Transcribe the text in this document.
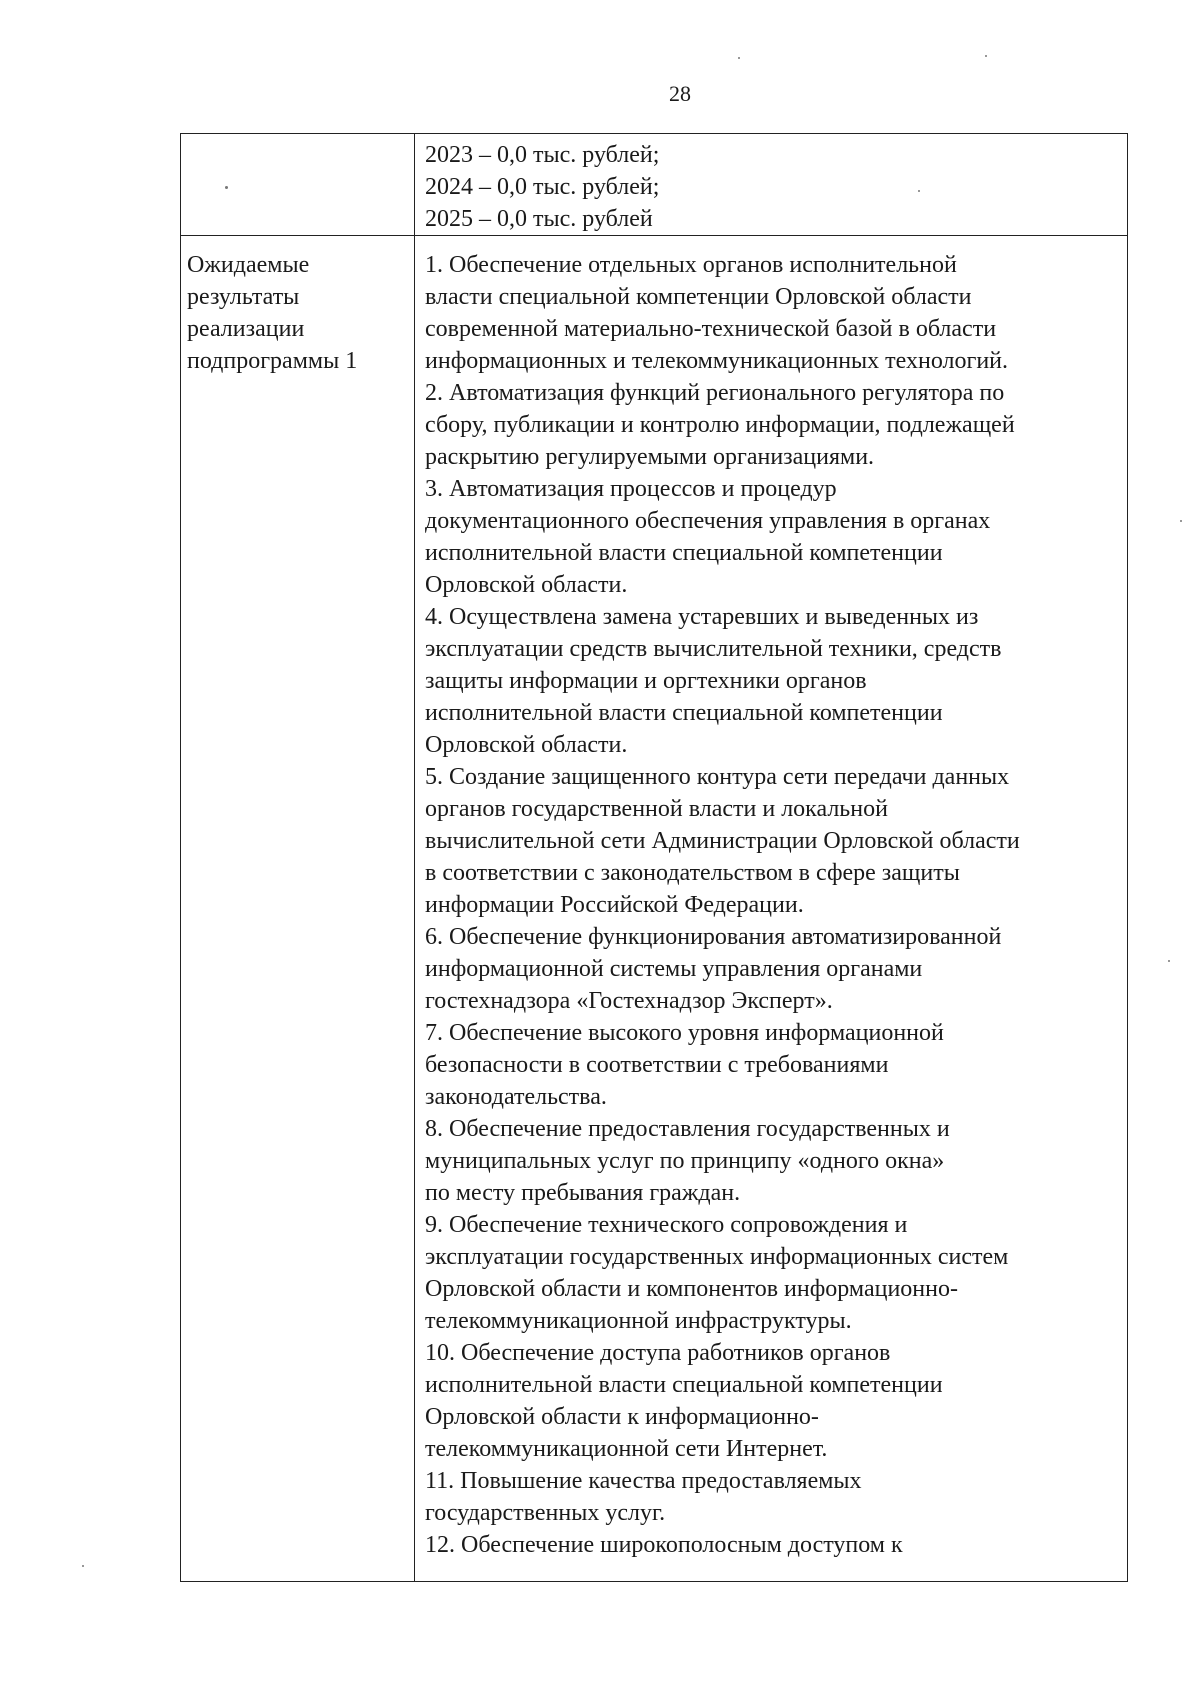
28
2023 – 0,0 тыс. рублей;
2024 – 0,0 тыс. рублей;
2025 – 0,0 тыс. рублей
Ожидаемые
результаты
реализации
подпрограммы 1
1. Обеспечение отдельных органов исполнительной
власти специальной компетенции Орловской области
современной материально-технической базой в области
информационных и телекоммуникационных технологий.
2. Автоматизация функций регионального регулятора по
сбору, публикации и контролю информации, подлежащей
раскрытию регулируемыми организациями.
3. Автоматизация процессов и процедур
документационного обеспечения управления в органах
исполнительной власти специальной компетенции
Орловской области.
4. Осуществлена замена устаревших и выведенных из
эксплуатации средств вычислительной техники, средств
защиты информации и оргтехники органов
исполнительной власти специальной компетенции
Орловской области.
5. Создание защищенного контура сети передачи данных
органов государственной власти и локальной
вычислительной сети Администрации Орловской области
в соответствии с законодательством в сфере защиты
информации Российской Федерации.
6. Обеспечение функционирования автоматизированной
информационной системы управления органами
гостехнадзора «Гостехнадзор Эксперт».
7. Обеспечение высокого уровня информационной
безопасности в соответствии с требованиями
законодательства.
8. Обеспечение предоставления государственных и
муниципальных услуг по принципу «одного окна»
по месту пребывания граждан.
9. Обеспечение технического сопровождения и
эксплуатации государственных информационных систем
Орловской области и компонентов информационно-
телекоммуникационной инфраструктуры.
10. Обеспечение доступа работников органов
исполнительной власти специальной компетенции
Орловской области к информационно-
телекоммуникационной сети Интернет.
11. Повышение качества предоставляемых
государственных услуг.
12. Обеспечение широкополосным доступом к
